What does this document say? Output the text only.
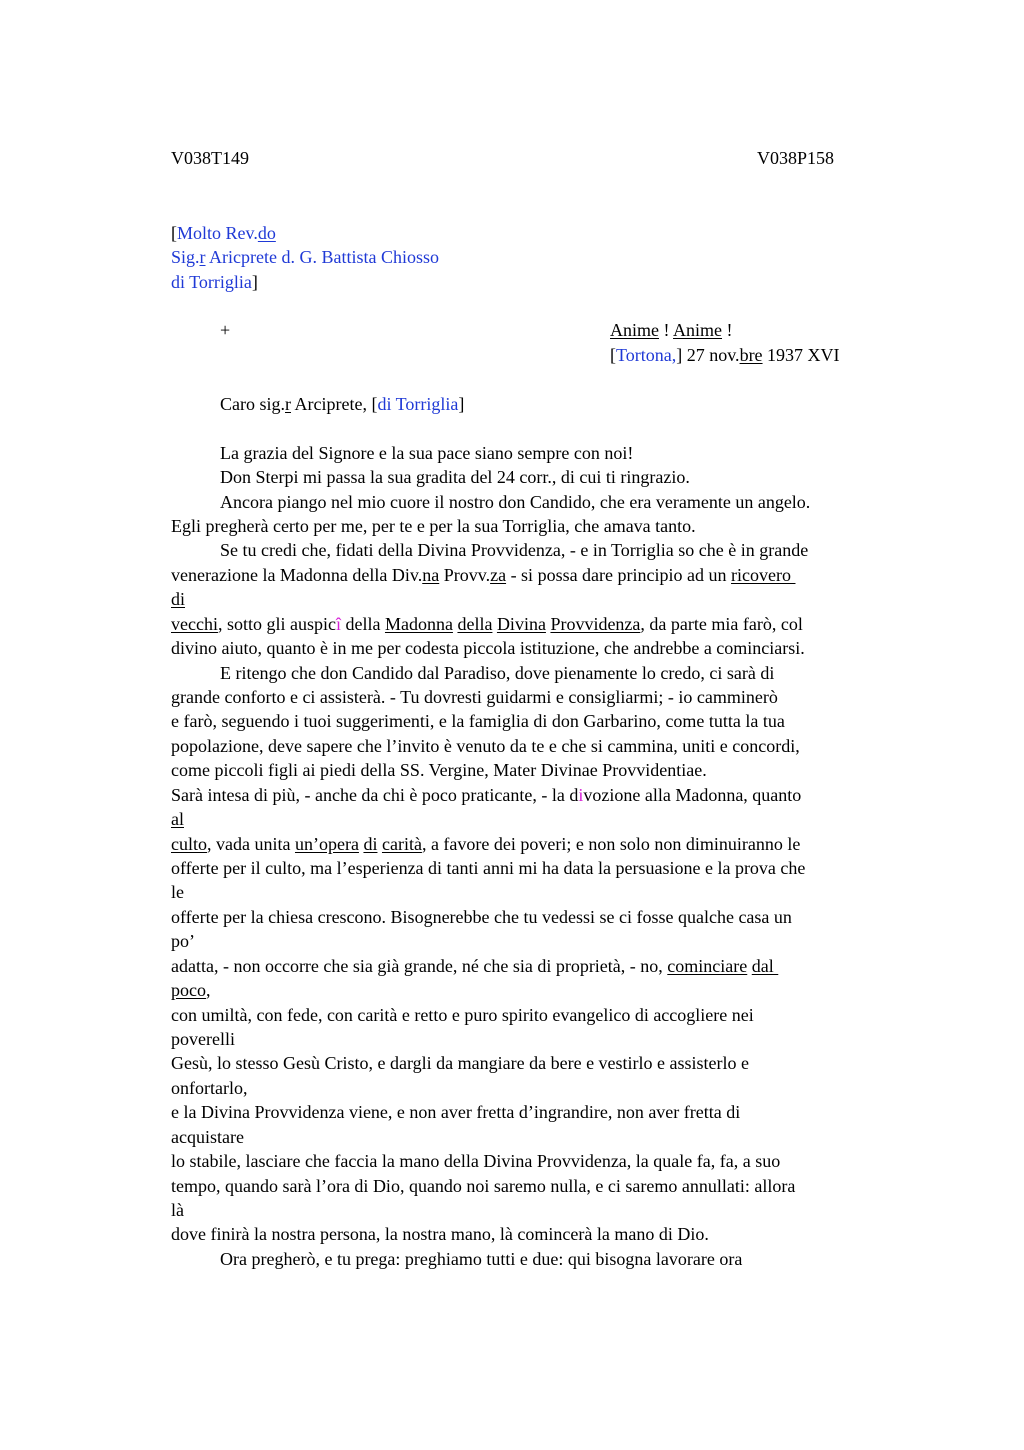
V038T149	V038P158
[Molto Rev.do
Sig.r Aricprete d. G. Battista Chiosso
di Torriglia]
+	Anime ! Anime !
[Tortona,] 27 nov.bre 1937 XVI
Caro sig.r Arciprete, [di Torriglia]
La grazia del Signore e la sua pace siano sempre con noi!
Don Sterpi mi passa la sua gradita del 24 corr., di cui ti ringrazio.
Ancora piango nel mio cuore il nostro don Candido, che era veramente un angelo.
Egli pregherà certo per me, per te e per la sua Torriglia, che amava tanto.
Se tu credi che, fidati della Divina Provvidenza, - e in Torriglia so che è in grande
venerazione la Madonna della Div.na Provv.za - si possa dare principio ad un ricovero
di
vecchi, sotto gli auspicî della Madonna della Divina Provvidenza, da parte mia farò, col
divino aiuto, quanto è in me per codesta piccola istituzione, che andrebbe a cominciarsi.
E ritengo che don Candido dal Paradiso, dove pienamente lo credo, ci sarà di
grande conforto e ci assisterà. - Tu dovresti guidarmi e consigliarmi; - io camminerò
e farò, seguendo i tuoi suggerimenti, e la famiglia di don Garbarino, come tutta la tua
popolazione, deve sapere che l’invito è venuto da te e che si cammina, uniti e concordi,
come piccoli figli ai piedi della SS. Vergine, Mater Divinae Provvidentiae.
Sarà intesa di più, - anche da chi è poco praticante, - la divozione alla Madonna, quanto
al
culto, vada unita un’opera di carità, a favore dei poveri; e non solo non diminuiranno le
offerte per il culto, ma l’esperienza di tanti anni mi ha data la persuasione e la prova che
le
offerte per la chiesa crescono. Bisognerebbe che tu vedessi se ci fosse qualche casa un
po’
adatta, - non occorre che sia già grande, né che sia di proprietà, - no, cominciare dal
poco,
con umiltà, con fede, con carità e retto e puro spirito evangelico di accogliere nei
poverelli
Gesù, lo stesso Gesù Cristo, e dargli da mangiare da bere e vestirlo e assisterlo e
onfortarlo,
e la Divina Provvidenza viene, e non aver fretta d’ingrandire, non aver fretta di
acquistare
lo stabile, lasciare che faccia la mano della Divina Provvidenza, la quale fa, fa, a suo
tempo, quando sarà l’ora di Dio, quando noi saremo nulla, e ci saremo annullati: allora
là
dove finirà la nostra persona, la nostra mano, là comincerà la mano di Dio.
Ora pregherò, e tu prega: preghiamo tutti e due: qui bisogna lavorare ora
